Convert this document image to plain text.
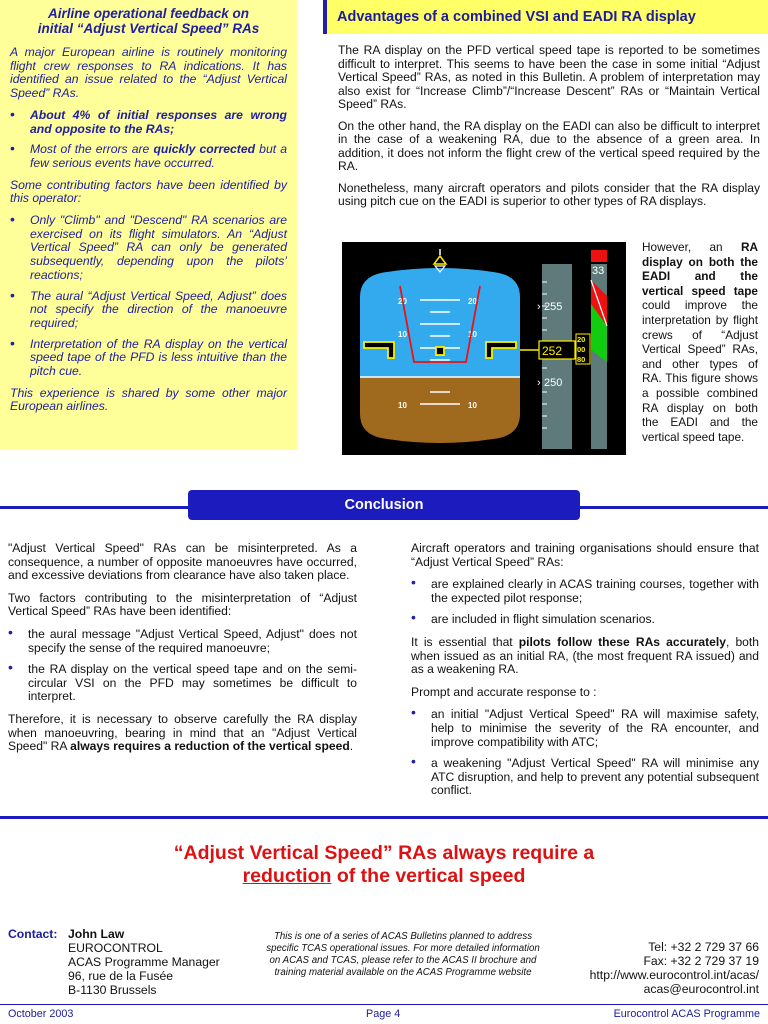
Airline operational feedback on
initial “Adjust Vertical Speed” RAs

A major European airline is routinely monitoring flight crew responses to RA indications. It has identified an issue related to the “Adjust Vertical Speed” RAs.

• About 4% of initial responses are wrong and opposite to the RAs;
• Most of the errors are quickly corrected but a few serious events have occurred.

Some contributing factors have been identified by this operator:

• Only "Climb" and "Descend" RA scenarios are exercised on its flight simulators. An “Adjust Vertical Speed” RA can only be generated subsequently, depending upon the pilots’ reactions;
• The aural “Adjust Vertical Speed, Adjust” does not specify the direction of the manoeuvre required;
• Interpretation of the RA display on the vertical speed tape of the PFD is less intuitive than the pitch cue.

This experience is shared by some other major European airlines.

Advantages of a combined VSI and EADI RA display

The RA display on the PFD vertical speed tape is reported to be sometimes difficult to interpret. This seems to have been the case in some initial “Adjust Vertical Speed” RAs, as noted in this Bulletin. A problem of interpretation may also exist for “Increase Climb”/“Increase Descent” RAs or “Maintain Vertical Speed” RAs.

On the other hand, the RA display on the EADI can also be difficult to interpret in the case of a weakening RA, due to the absence of a green area. In addition, it does not inform the flight crew of the vertical speed required by the RA.

Nonetheless, many aircraft operators and pilots consider that the RA display using pitch cue on the EADI is superior to other types of RA displays.

20	20
10	10
10	10
› 255
› 250
252
20
00
80
33
However, an RA display on both the EADI and the vertical speed tape could improve the interpretation by flight crews of “Adjust Vertical Speed” RAs, and other types of RA. This figure shows a possible combined RA display on both the EADI and the vertical speed tape.
Conclusion

"Adjust Vertical Speed" RAs can be misinterpreted. As a consequence, a number of opposite manoeuvres have occurred, and excessive deviations from clearance have also taken place.

Two factors contributing to the misinterpretation of “Adjust Vertical Speed” RAs have been identified:

• the aural message "Adjust Vertical Speed, Adjust" does not specify the sense of the required manoeuvre;
• the RA display on the vertical speed tape and on the semi-circular VSI on the PFD may sometimes be difficult to interpret.

Therefore, it is necessary to observe carefully the RA display when manoeuvring, bearing in mind that an "Adjust Vertical Speed" RA always requires a reduction of the vertical speed.

Aircraft operators and training organisations should ensure that “Adjust Vertical Speed” RAs:

• are explained clearly in ACAS training courses, together with the expected pilot response;
• are included in flight simulation scenarios.

It is essential that pilots follow these RAs accurately, both when issued as an initial RA, (the most frequent RA issued) and as a weakening RA.

Prompt and accurate response to :

• an initial "Adjust Vertical Speed" RA will maximise safety, help to minimise the severity of the RA encounter, and improve compatibility with ATC;
• a weakening "Adjust Vertical Speed" RA will minimise any ATC disruption, and help to prevent any potential subsequent conflict.
“Adjust Vertical Speed” RAs always require a
reduction of the vertical speed
Contact: John Law
EUROCONTROL
ACAS Programme Manager
96, rue de la Fusée
B-1130 Brussels
This is one of a series of ACAS Bulletins planned to address specific TCAS operational issues. For more detailed information on ACAS and TCAS, please refer to the ACAS II brochure and training material available on the ACAS Programme website
Tel: +32 2 729 37 66
Fax: +32 2 729 37 19
http://www.eurocontrol.int/acas/
acas@eurocontrol.int
October 2003	Page 4	Eurocontrol ACAS Programme
